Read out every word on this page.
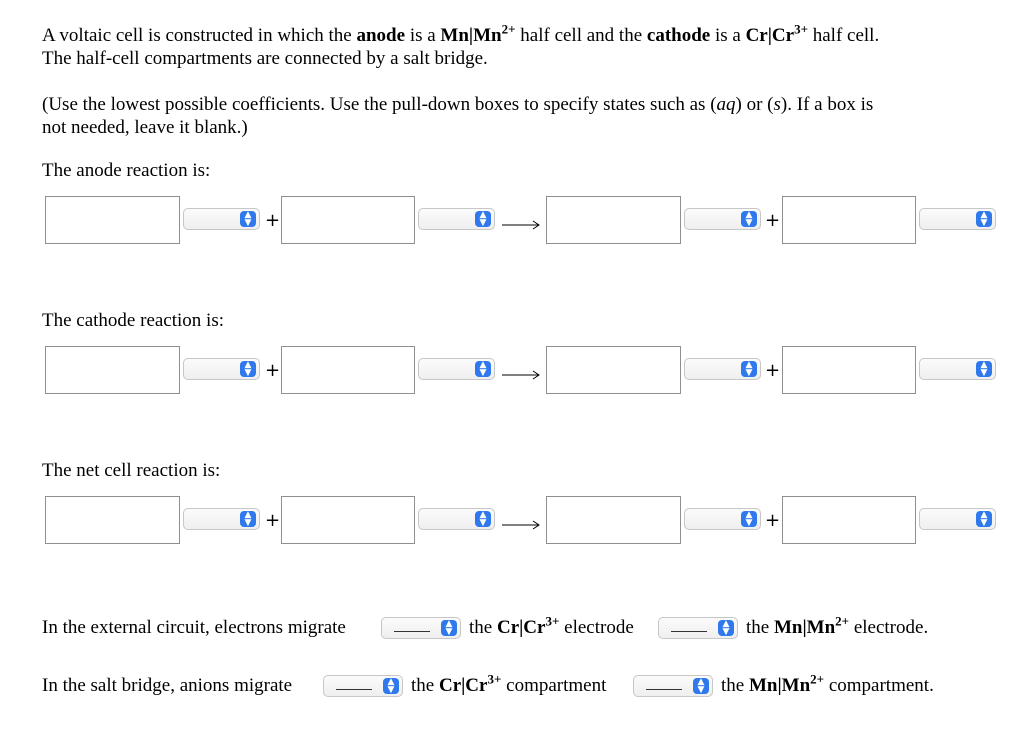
A voltaic cell is constructed in which the anode is a $Mn|Mn^{2+}$ half cell and the cathode is a $Cr|Cr^{3+}$ half cell.
The half-cell compartments are connected by a salt bridge.
(Use the lowest possible coefficients. Use the pull-down boxes to specify states such as (aq) or (s). If a box is
not needed, leave it blank.)
The anode reaction is:
▲
▼ +	▲
▼
▲
▼ +	▲
▼
The cathode reaction is:
▲
▼ +	▲
▼
▲
▼ +	▲
▼
The net cell reaction is:
▲
▼ +	▲
▼
▲
▼ +	▲
▼
In the external circuit, electrons migrate	▲
▼ the $Cr|Cr^{3+}$ electrode	▲
▼ the $Mn|Mn^{2+}$ electrode.
In the salt bridge, anions migrate	▲
▼ the $Cr|Cr^{3+}$ compartment	▲
▼ the $Mn|Mn^{2+}$ compartment.
